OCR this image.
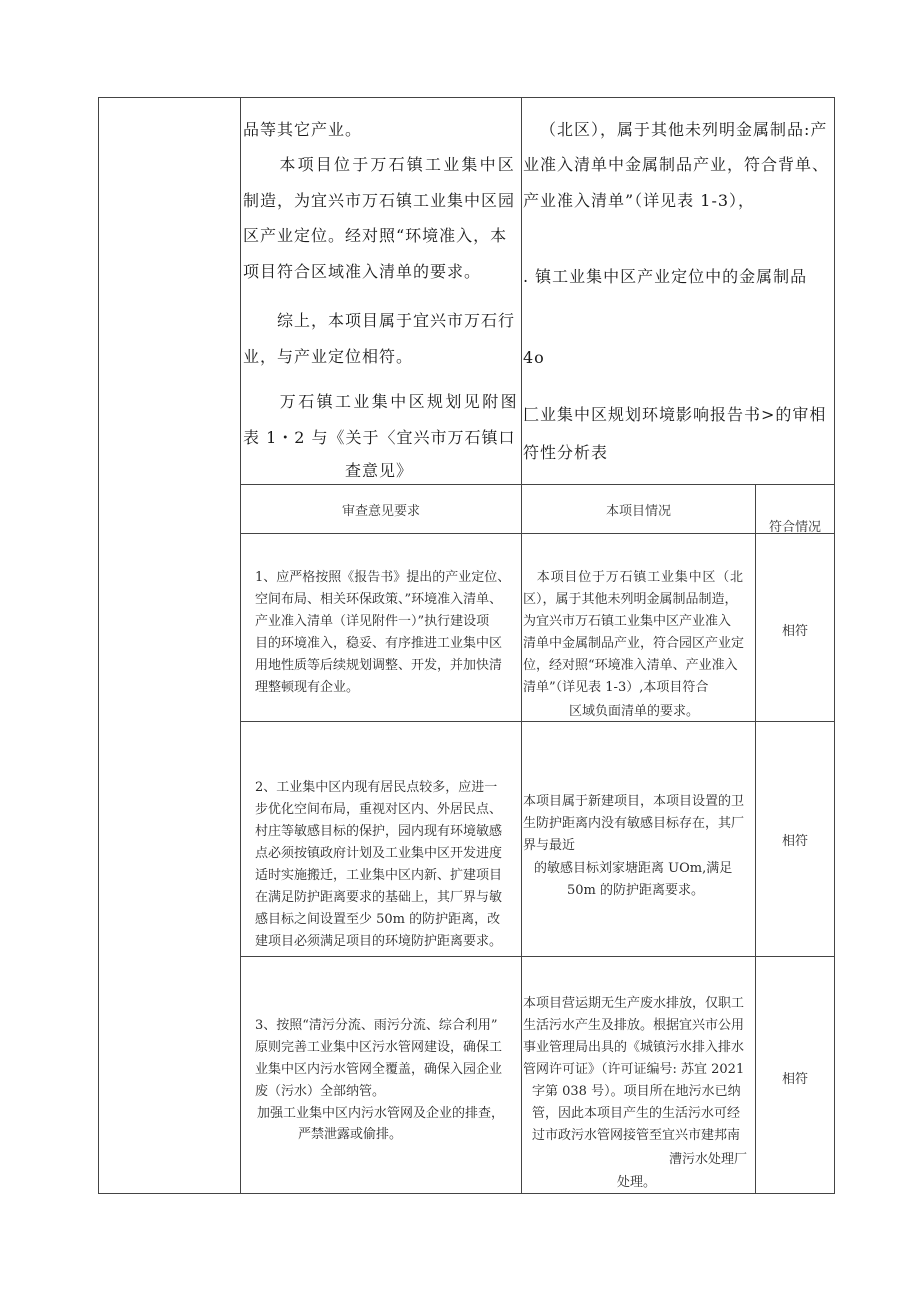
品等其它产业。
　　本项目位于万石镇工业集中区
制造，为宜兴市万石镇工业集中区园
区产业定位。经对照“环境准入，本
项目符合区域准入清单的要求。
　　综上，本项目属于宜兴市万石行
业，与产业定位相符。
　　万石镇工业集中区规划见附图
表 1・2 与《关于〈宜兴市万石镇口
查意见》
（北区），属于其他未列明金属制品:产
业准入清单中金属制品产业，符合背单、
产业准入清单”（详见表 1-3），
. 镇工业集中区产业定位中的金属制品
4o
匚业集中区规划环境影响报告书>的审相
符性分析表
审查意见要求	本项目情况
符合情况
1、应严格按照《报告书》提出的产业定位、
空间布局、相关环保政策、”环境准入清单、
产业准入清单（详见附件一）”执行建设项
目的环境准入，稳妥、有序推进工业集中区
用地性质等后续规划调整、开发，并加快清
理整顿现有企业。
　本项目位于万石镇工业集中区（北
区），属于其他未列明金属制品制造，
为宜兴市万石镇工业集中区产业准入
清单中金属制品产业，符合园区产业定
位，经对照“环境准入清单、产业准入
清单”（详见表 1-3）,本项目符合
区域负面清单的要求。
相符
2、工业集中区内现有居民点较多，应进一
步优化空间布局，重视对区内、外居民点、
村庄等敏感目标的保护，园内现有环境敏感
点必须按镇政府计划及工业集中区开发进度
适时实施搬迁，工业集中区内新、扩建项目
在满足防护距离要求的基础上，其厂界与敏
感目标之间设置至少 50m 的防护距离，改
建项目必须满足项目的环境防护距离要求。
本项目属于新建项目，本项目设置的卫
生防护距离内没有敏感目标存在，其厂
界与最近
的敏感目标刘家塘距离 UOm,满足
50m 的防护距离要求。
相符
3、按照“清污分流、雨污分流、综合利用”
原则完善工业集中区污水管网建设，确保工
业集中区内污水管网全覆盖，确保入园企业
废（污水）全部纳管。
加强工业集中区内污水管网及企业的排查，
严禁泄露或偷排。
本项目营运期无生产废水排放，仅职工
生活污水产生及排放。根据宜兴市公用
事业管理局出具的《城镇污水排入排水
管网许可证》（许可证编号: 苏宜 2021
字第 038 号）。项目所在地污水已纳
管，因此本项目产生的生活污水可经
过市政污水管网接管至宜兴市建邦南
漕污水处理厂
处理。
相符
